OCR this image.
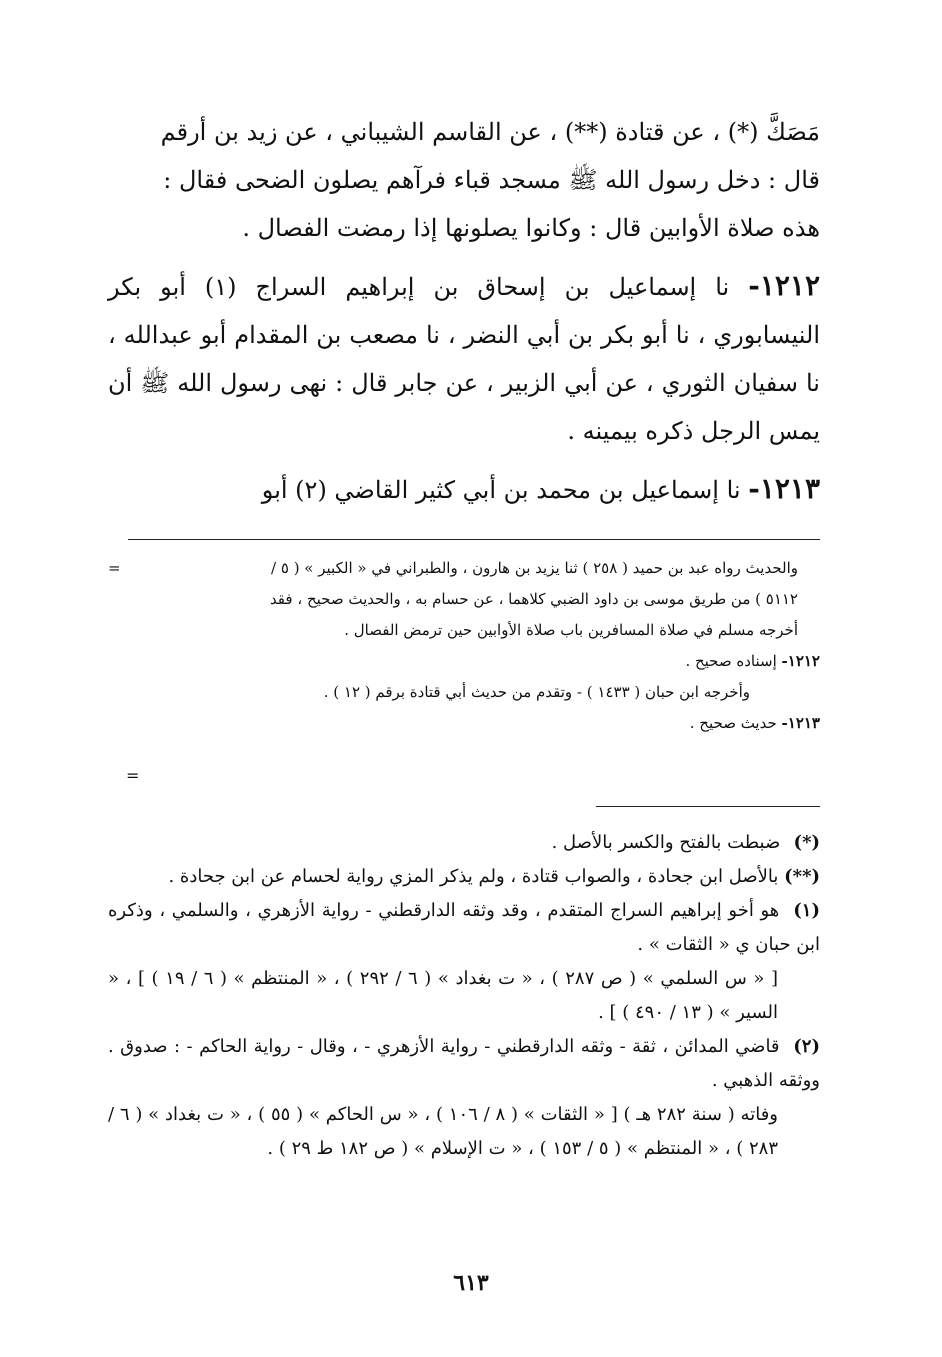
مَصَكَّ (*) ، عن قتادة (**) ، عن القاسم الشيباني ، عن زيد بن أرقم

قال : دخل رسول الله ﷺ مسجد قباء فرآهم يصلون الضحى فقال :

هذه صلاة الأوابين قال : وكانوا يصلونها إذا رمضت الفصال .

١٢١٢- نا إسماعيل بن إسحاق بن إبراهيم السراج (١) أبو بكر النيسابوري ، نا أبو بكر بن أبي النضر ، نا مصعب بن المقدام أبو عبدالله ، نا سفيان الثوري ، عن أبي الزبير ، عن جابر قال : نهى رسول الله ﷺ أن يمس الرجل ذكره بيمينه .

١٢١٣- نا إسماعيل بن محمد بن أبي كثير القاضي (٢) أبو

=	والحديث رواه عبد بن حميد ( ٢٥٨ ) ثنا يزيد بن هارون ، والطبراني في « الكبير » ( ٥ /

٥١١٢ ) من طريق موسى بن داود الضبي كلاهما ، عن حسام به ، والحديث صحيح ، فقد

أخرجه مسلم في صلاة المسافرين باب صلاة الأوابين حين ترمض الفصال .

١٢١٢- إسناده صحيح .

وأخرجه ابن حبان ( ١٤٣٣ ) - وتقدم من حديث أبي قتادة برقم ( ١٢ ) .

١٢١٣- حديث صحيح .

=

(*) ضبطت بالفتح والكسر بالأصل .

(**) بالأصل ابن جحادة ، والصواب قتادة ، ولم يذكر المزي رواية لحسام عن ابن جحادة .

(١) هو أخو إبراهيم السراج المتقدم ، وقد وثقه الدارقطني - رواية الأزهري ، والسلمي ، وذكره ابن حبان ي « الثقات » .

[ « س السلمي » ( ص ٢٨٧ ) ، « ت بغداد » ( ٦ / ٢٩٢ ) ، « المنتظم » ( ٦ / ١٩ ) ] ، « السير » ( ١٣ / ٤٩٠ ) ] .

(٢) قاضي المدائن ، ثقة - وثقه الدارقطني - رواية الأزهري - ، وقال - رواية الحاكم - : صدوق . ووثقه الذهبي .

وفاته ( سنة ٢٨٢ هـ ) [ « الثقات » ( ٨ / ١٠٦ ) ، « س الحاكم » ( ٥٥ ) ، « ت بغداد » ( ٦ / ٢٨٣ ) ، « المنتظم » ( ٥ / ١٥٣ ) ، « ت الإسلام » ( ص ١٨٢ ط ٢٩ ) .

٦١٣
